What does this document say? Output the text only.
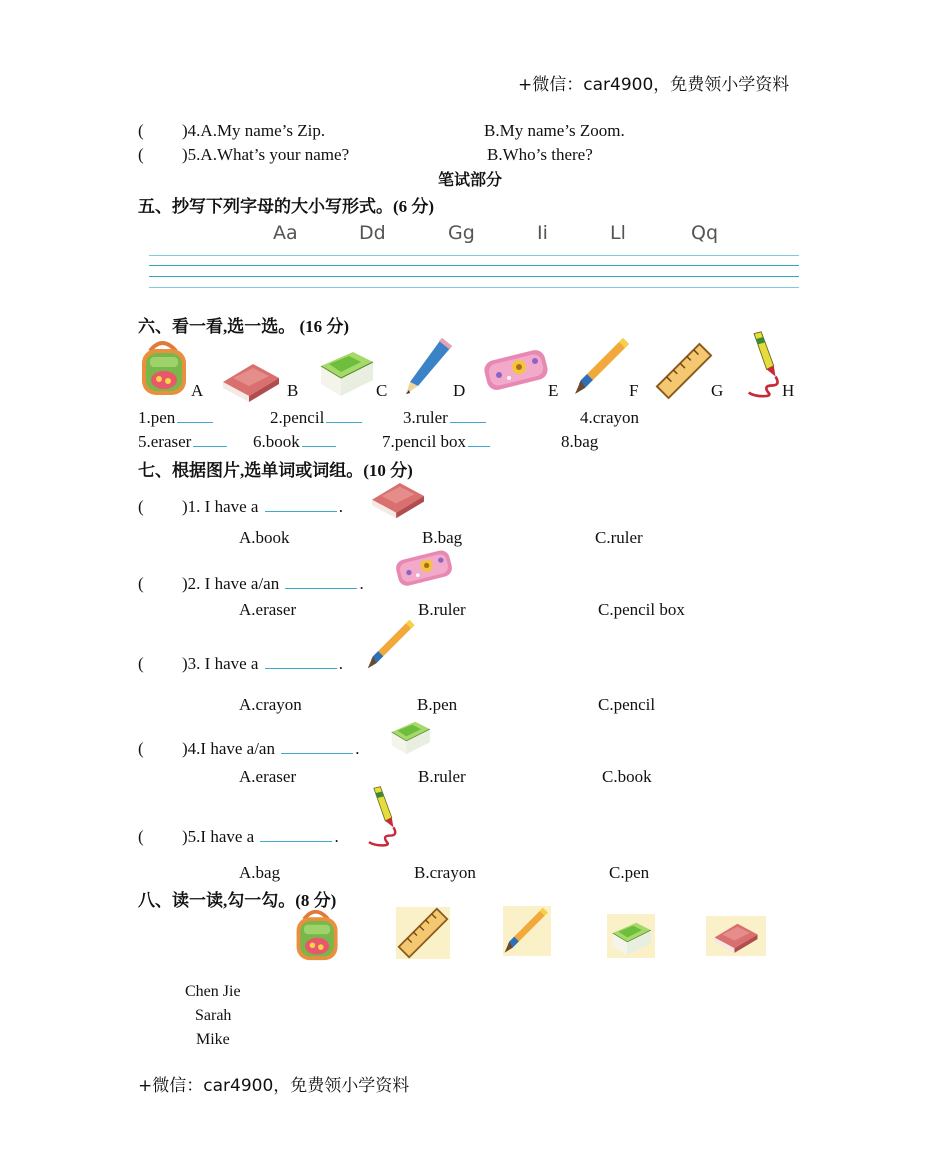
+微信：car4900，免费领小学资料
( )4.A.My name’s Zip.	B.My name’s Zoom.
( )5.A.What’s your name?	B.Who’s there?
笔试部分
五、抄写下列字母的大小写形式。(6 分)
Aa	Dd	Gg	Ii	Ll	Qq
六、看一看,选一选。 (16 分)
A	B	C	D	E	F	G	H
1.pen	2.pencil	3.ruler	4.crayon
5.eraser	6.book	7.pencil box	8.bag
七、根据图片,选单词或词组。(10 分)
( )1. I have a	.
A.book	B.bag	C.ruler
( )2. I have a/an	.
A.eraser	B.ruler	C.pencil box
( )3. I have a	.
A.crayon	B.pen	C.pencil
( )4.I have a/an	.
A.eraser	B.ruler	C.book
( )5.I have a	.
A.bag	B.crayon	C.pen
八、读一读,勾一勾。(8 分)
Chen Jie
Sarah
Mike
+微信：car4900，免费领小学资料
